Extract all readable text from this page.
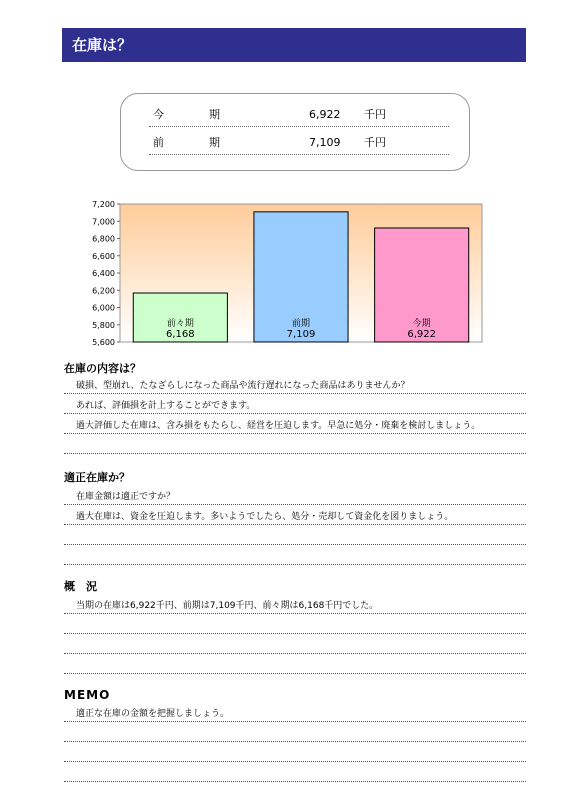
在庫は？
今	期	6,922 千円
前	期	7,109 千円
5,600
5,800
6,000
6,200
6,400
6,600
6,800
7,000
7,200
前々期
6,168
前期
7,109
今期
6,922
在庫の内容は？
破損、型崩れ、たなざらしになった商品や流行遅れになった商品はありませんか？
あれば、評価損を計上することができます。
過大評価した在庫は、含み損をもたらし、経営を圧迫します。早急に処分・廃棄を検討しましょう。
適正在庫か？
在庫金額は適正ですか？
過大在庫は、資金を圧迫します。多いようでしたら、処分・売却して資金化を図りましょう。
概　況
当期の在庫は6,922千円、前期は7,109千円、前々期は6,168千円でした。
MEMO
適正な在庫の金額を把握しましょう。
